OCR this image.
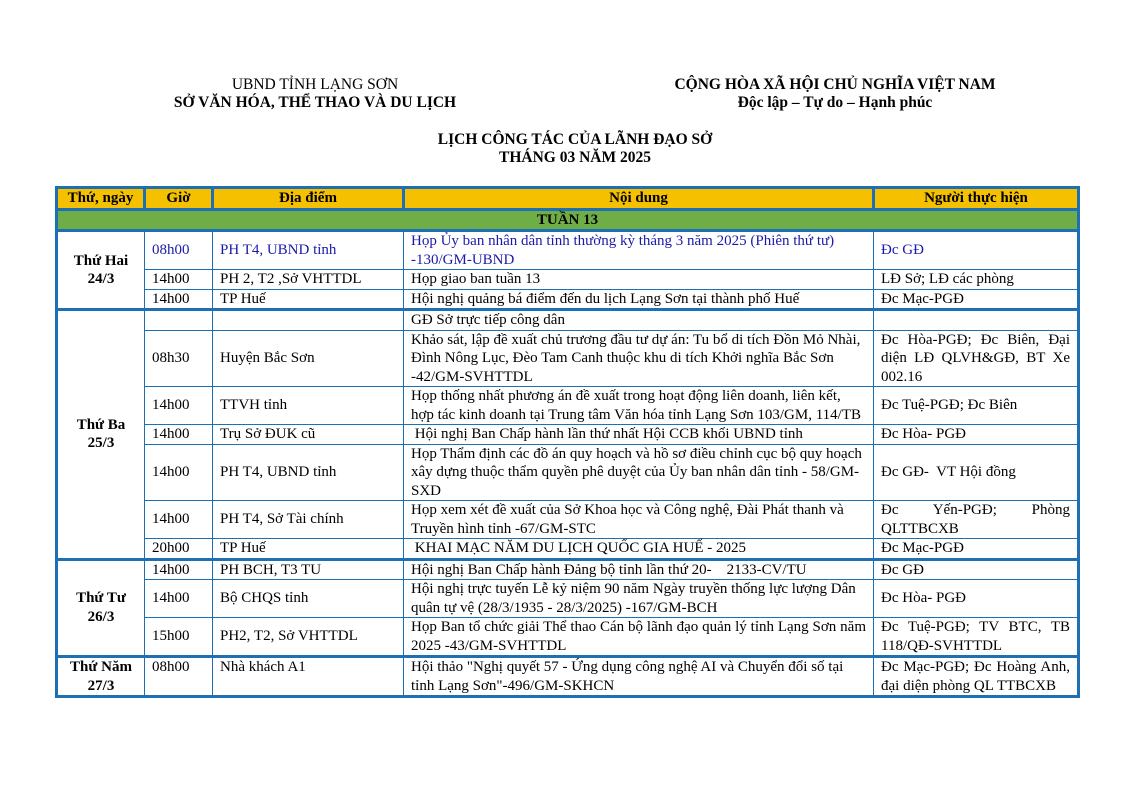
UBND TỈNH LẠNG SƠN
SỞ VĂN HÓA, THỂ THAO VÀ DU LỊCH
CỘNG HÒA XÃ HỘI CHỦ NGHĨA VIỆT NAM
Độc lập – Tự do – Hạnh phúc
LỊCH CÔNG TÁC CỦA LÃNH ĐẠO SỞ
THÁNG 03 NĂM 2025
Thứ, ngày	Giờ	Địa điểm	Nội dung	Người thực hiện
TUẦN 13				

Thứ Hai
24/3	08h00	PH T4, UBND tỉnh	Họp Ủy ban nhân dân tỉnh thường kỳ tháng 3 năm 2025 (Phiên thứ tư) -130/GM-UBND	Đc GĐ
	14h00	PH 2, T2 ,Sở VHTTDL	Họp giao ban tuần 13	LĐ Sở; LĐ các phòng
	14h00	TP Huế	Hội nghị quảng bá điểm đến du lịch Lạng Sơn tại thành phố Huế	Đc Mạc-PGĐ

Thứ Ba
25/3			GĐ Sở trực tiếp công dân	
	08h30	Huyện Bắc Sơn	Khảo sát, lập đề xuất chủ trương đầu tư dự án: Tu bổ di tích Đồn Mỏ Nhài, Đình Nông Lục, Đèo Tam Canh thuộc khu di tích Khởi nghĩa Bắc Sơn -42/GM-SVHTTDL	Đc Hòa-PGĐ; Đc Biên, Đại diện LĐ QLVH&GĐ, BT Xe 002.16
	14h00	TTVH tỉnh	Họp thống nhất phương án đề xuất trong hoạt động liên doanh, liên kết, hợp tác kinh doanh tại Trung tâm Văn hóa tỉnh Lạng Sơn 103/GM, 114/TB	Đc Tuệ-PGĐ; Đc Biên
	14h00	Trụ Sở ĐUK cũ	Hội nghị Ban Chấp hành lần thứ nhất Hội CCB khối UBND tỉnh	Đc Hòa- PGĐ
	14h00	PH T4, UBND tỉnh	Họp Thẩm định các đồ án quy hoạch và hồ sơ điều chỉnh cục bộ quy hoạch xây dựng thuộc thẩm quyền phê duyệt của Ủy ban nhân dân tỉnh - 58/GM-SXD	Đc GĐ-  VT Hội đồng
	14h00	PH T4, Sở Tài chính	Họp xem xét đề xuất của Sở Khoa học và Công nghệ, Đài Phát thanh và Truyền hình tỉnh -67/GM-STC	Đc Yến-PGĐ; Phòng QLTTBCXB
	20h00	TP Huế	KHAI MẠC NĂM DU LỊCH QUỐC GIA HUẾ - 2025	Đc Mạc-PGĐ

Thứ Tư
26/3	14h00	PH BCH, T3 TU	Hội nghị Ban Chấp hành Đảng bộ tỉnh lần thứ 20-    2133-CV/TU	Đc GĐ
	14h00	Bộ CHQS tỉnh	Hội nghị trực tuyến Lễ kỷ niệm 90 năm Ngày truyền thống lực lượng Dân quân tự vệ (28/3/1935 - 28/3/2025) -167/GM-BCH	Đc Hòa- PGĐ
	15h00	PH2, T2, Sở VHTTDL	Họp Ban tổ chức giải Thể thao Cán bộ lãnh đạo quản lý tỉnh Lạng Sơn năm 2025 -43/GM-SVHTTDL	Đc Tuệ-PGĐ; TV BTC, TB 118/QĐ-SVHTTDL

Thứ Năm
27/3	08h00	Nhà khách A1	Hội thảo "Nghị quyết 57 - Ứng dụng công nghệ AI và Chuyển đổi số tại tỉnh Lạng Sơn"-496/GM-SKHCN	Đc Mạc-PGĐ; Đc Hoàng Anh, đại diện phòng QL TTBCXB
